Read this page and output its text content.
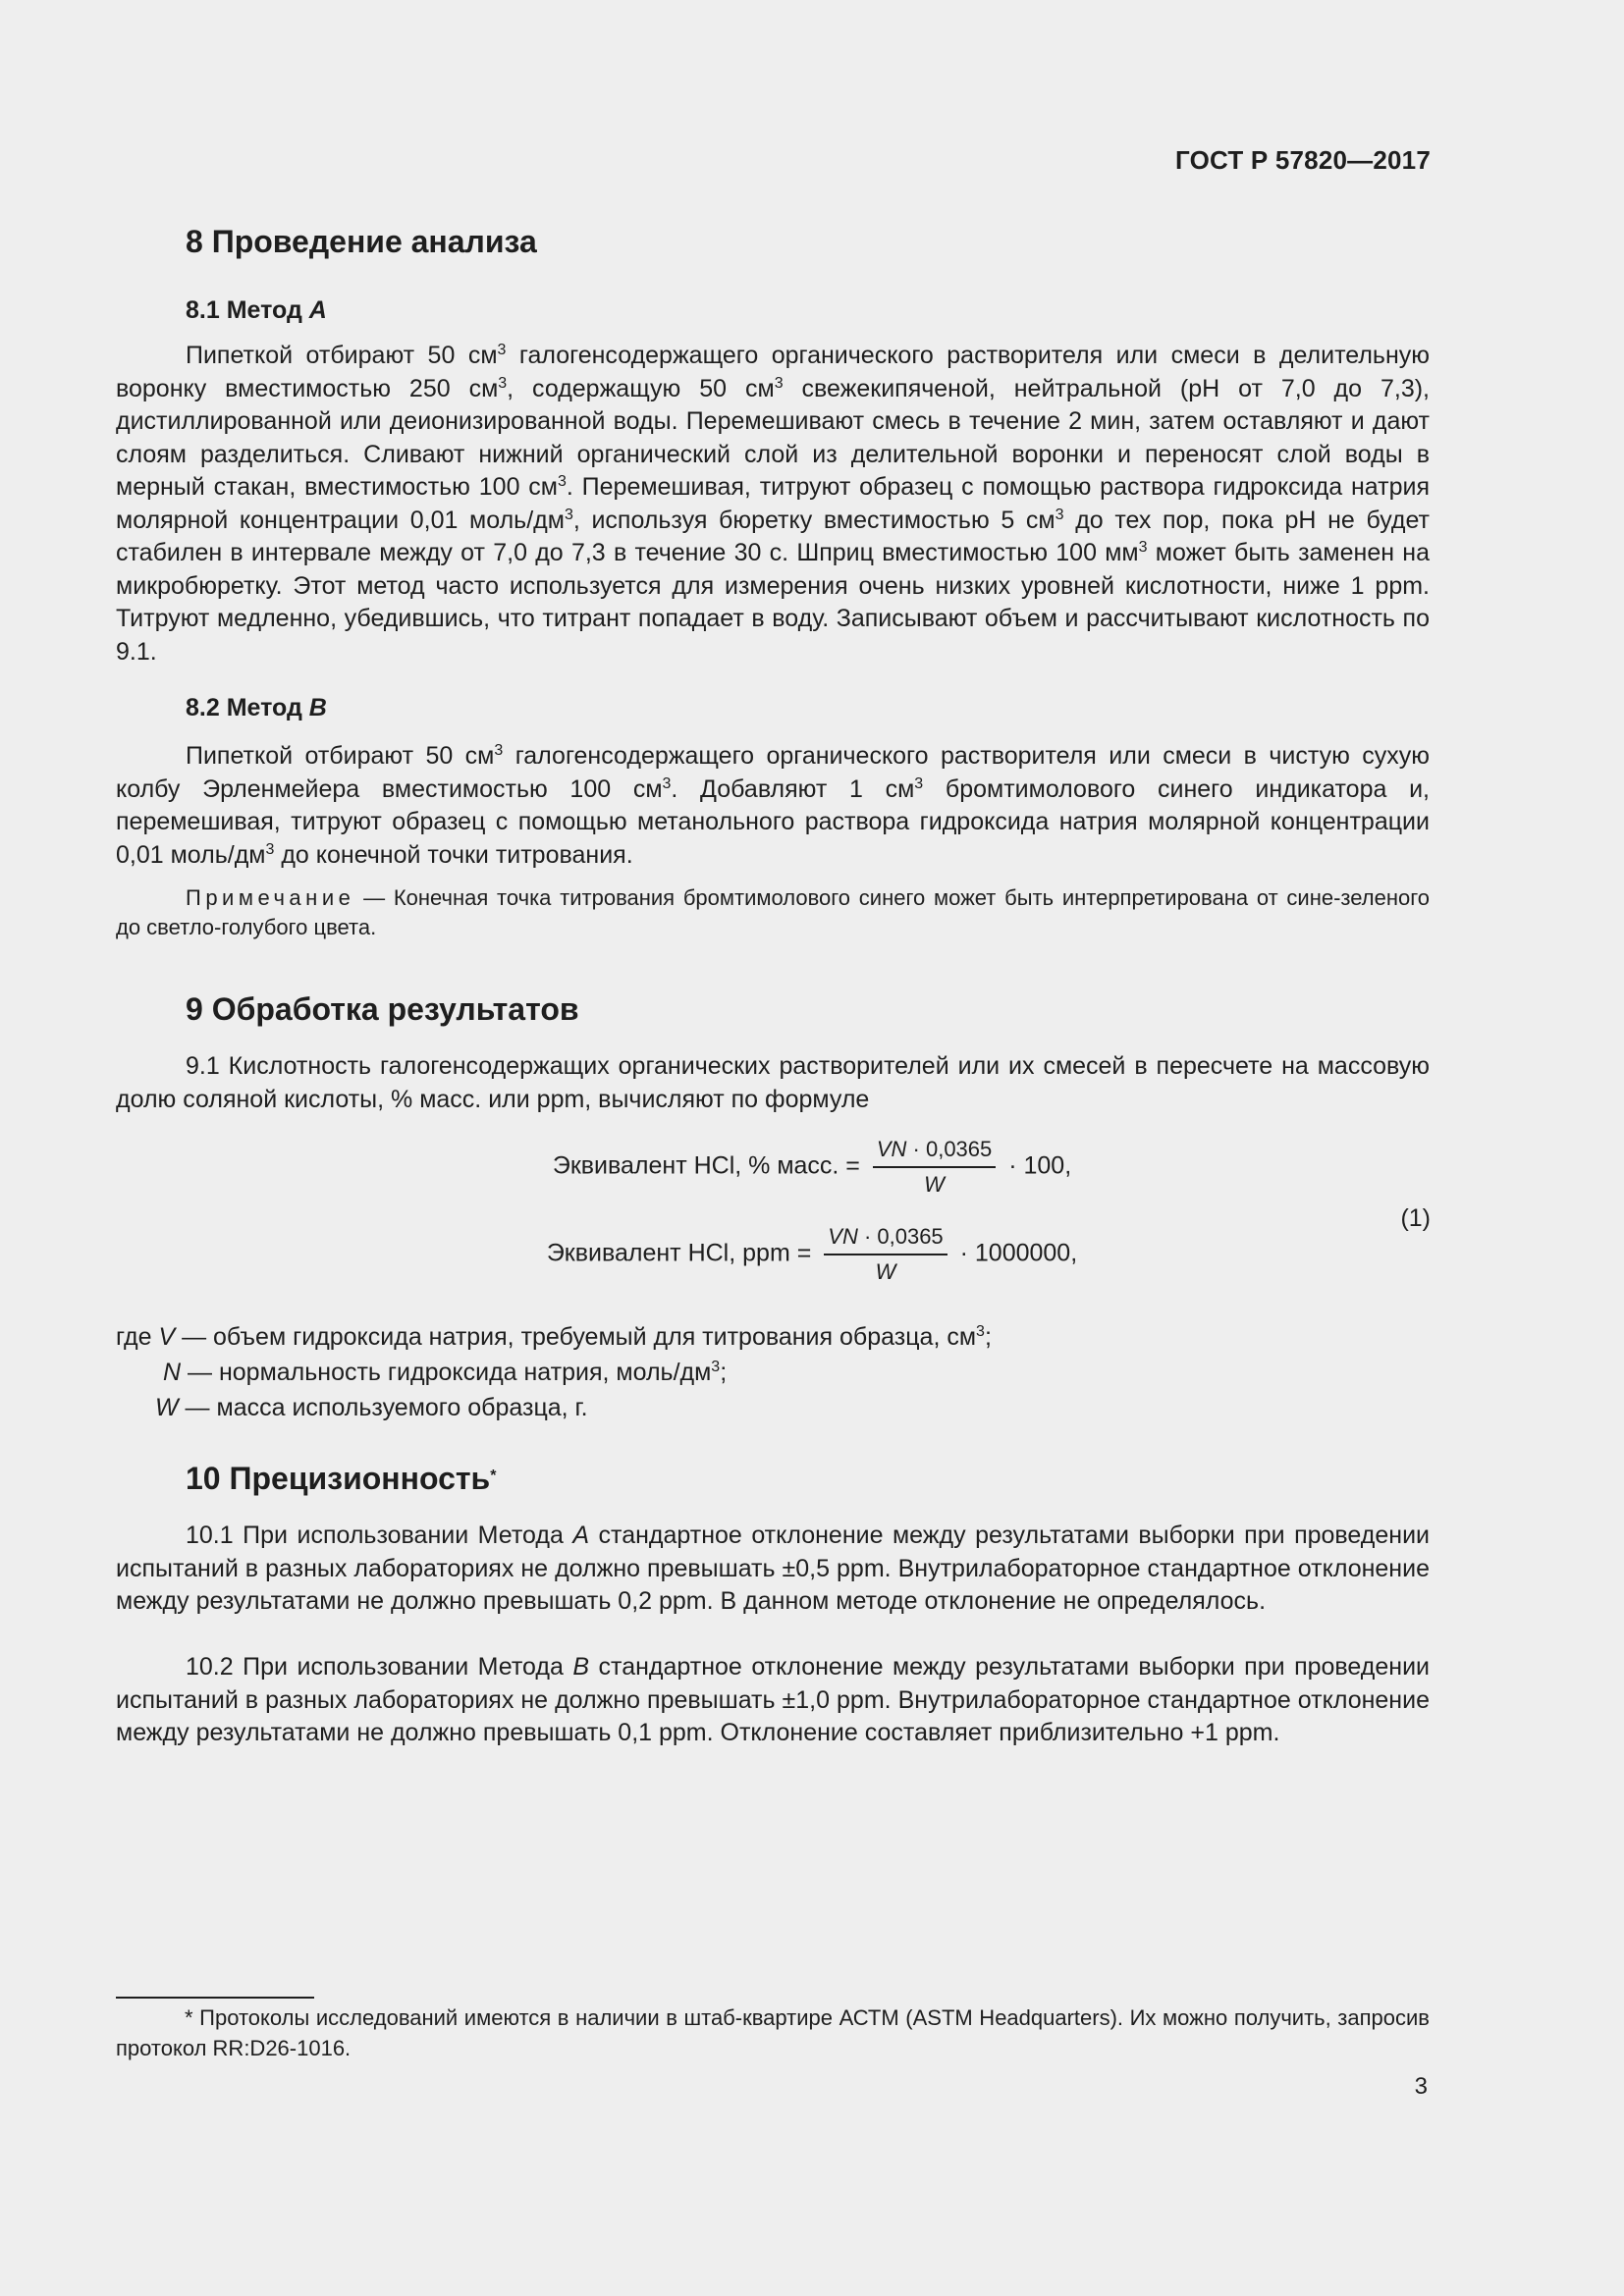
ГОСТ Р 57820—2017
8 Проведение анализа
8.1 Метод A

Пипеткой отбирают 50 $см^3$ галогенсодержащего органического растворителя или смеси в делительную воронку вместимостью 250 $см^3$, содержащую 50 $см^3$ свежекипяченой, нейтральной (pH от 7,0 до 7,3), дистиллированной или деионизированной воды. Перемешивают смесь в течение 2 мин, затем оставляют и дают слоям разделиться. Сливают нижний органический слой из делительной воронки и переносят слой воды в мерный стакан, вместимостью 100 $см^3$. Перемешивая, титруют образец с помощью раствора гидроксида натрия молярной концентрации 0,01 моль/$дм^3$, используя бюретку вместимостью 5 $см^3$ до тех пор, пока pH не будет стабилен в интервале между от 7,0 до 7,3 в течение 30 с. Шприц вместимостью 100 $мм^3$ может быть заменен на микробюретку. Этот метод часто используется для измерения очень низких уровней кислотности, ниже 1 ppm. Титруют медленно, убедившись, что титрант попадает в воду. Записывают объем и рассчитывают кислотность по 9.1.

8.2 Метод B

Пипеткой отбирают 50 $см^3$ галогенсодержащего органического растворителя или смеси в чистую сухую колбу Эрленмейера вместимостью 100 $см^3$. Добавляют 1 $см^3$ бромтимолового синего индикатора и, перемешивая, титруют образец с помощью метанольного раствора гидроксида натрия молярной концентрации 0,01 моль/$дм^3$ до конечной точки титрования.

Примечание — Конечная точка титрования бромтимолового синего может быть интерпретирована от сине-зеленого до светло-голубого цвета.

9 Обработка результатов

9.1 Кислотность галогенсодержащих органических растворителей или их смесей в пересчете на массовую долю соляной кислоты, % масс. или ppm, вычисляют по формуле

Эквивалент HCl, % масс. = $\frac{VN \cdot 0,0365}{W} \cdot 100$,
Эквивалент HCl, ppm = $\frac{VN \cdot 0,0365}{W} \cdot 1000000$,
(1)
где V — объем гидроксида натрия, требуемый для титрования образца, $см^3$;
N — нормальность гидроксида натрия, моль/$дм^3$;
W — масса используемого образца, г.
10 Прецизионность*

10.1 При использовании Метода A стандартное отклонение между результатами выборки при проведении испытаний в разных лабораториях не должно превышать ±0,5 ppm. Внутрилабораторное стандартное отклонение между результатами не должно превышать 0,2 ppm. В данном методе отклонение не определялось.

10.2 При использовании Метода B стандартное отклонение между результатами выборки при проведении испытаний в разных лабораториях не должно превышать ±1,0 ppm. Внутрилабораторное стандартное отклонение между результатами не должно превышать 0,1 ppm. Отклонение составляет приблизительно +1 ppm.

* Протоколы исследований имеются в наличии в штаб-квартире АСТМ (ASTM Headquarters). Их можно получить, запросив протокол RR:D26-1016.

3
